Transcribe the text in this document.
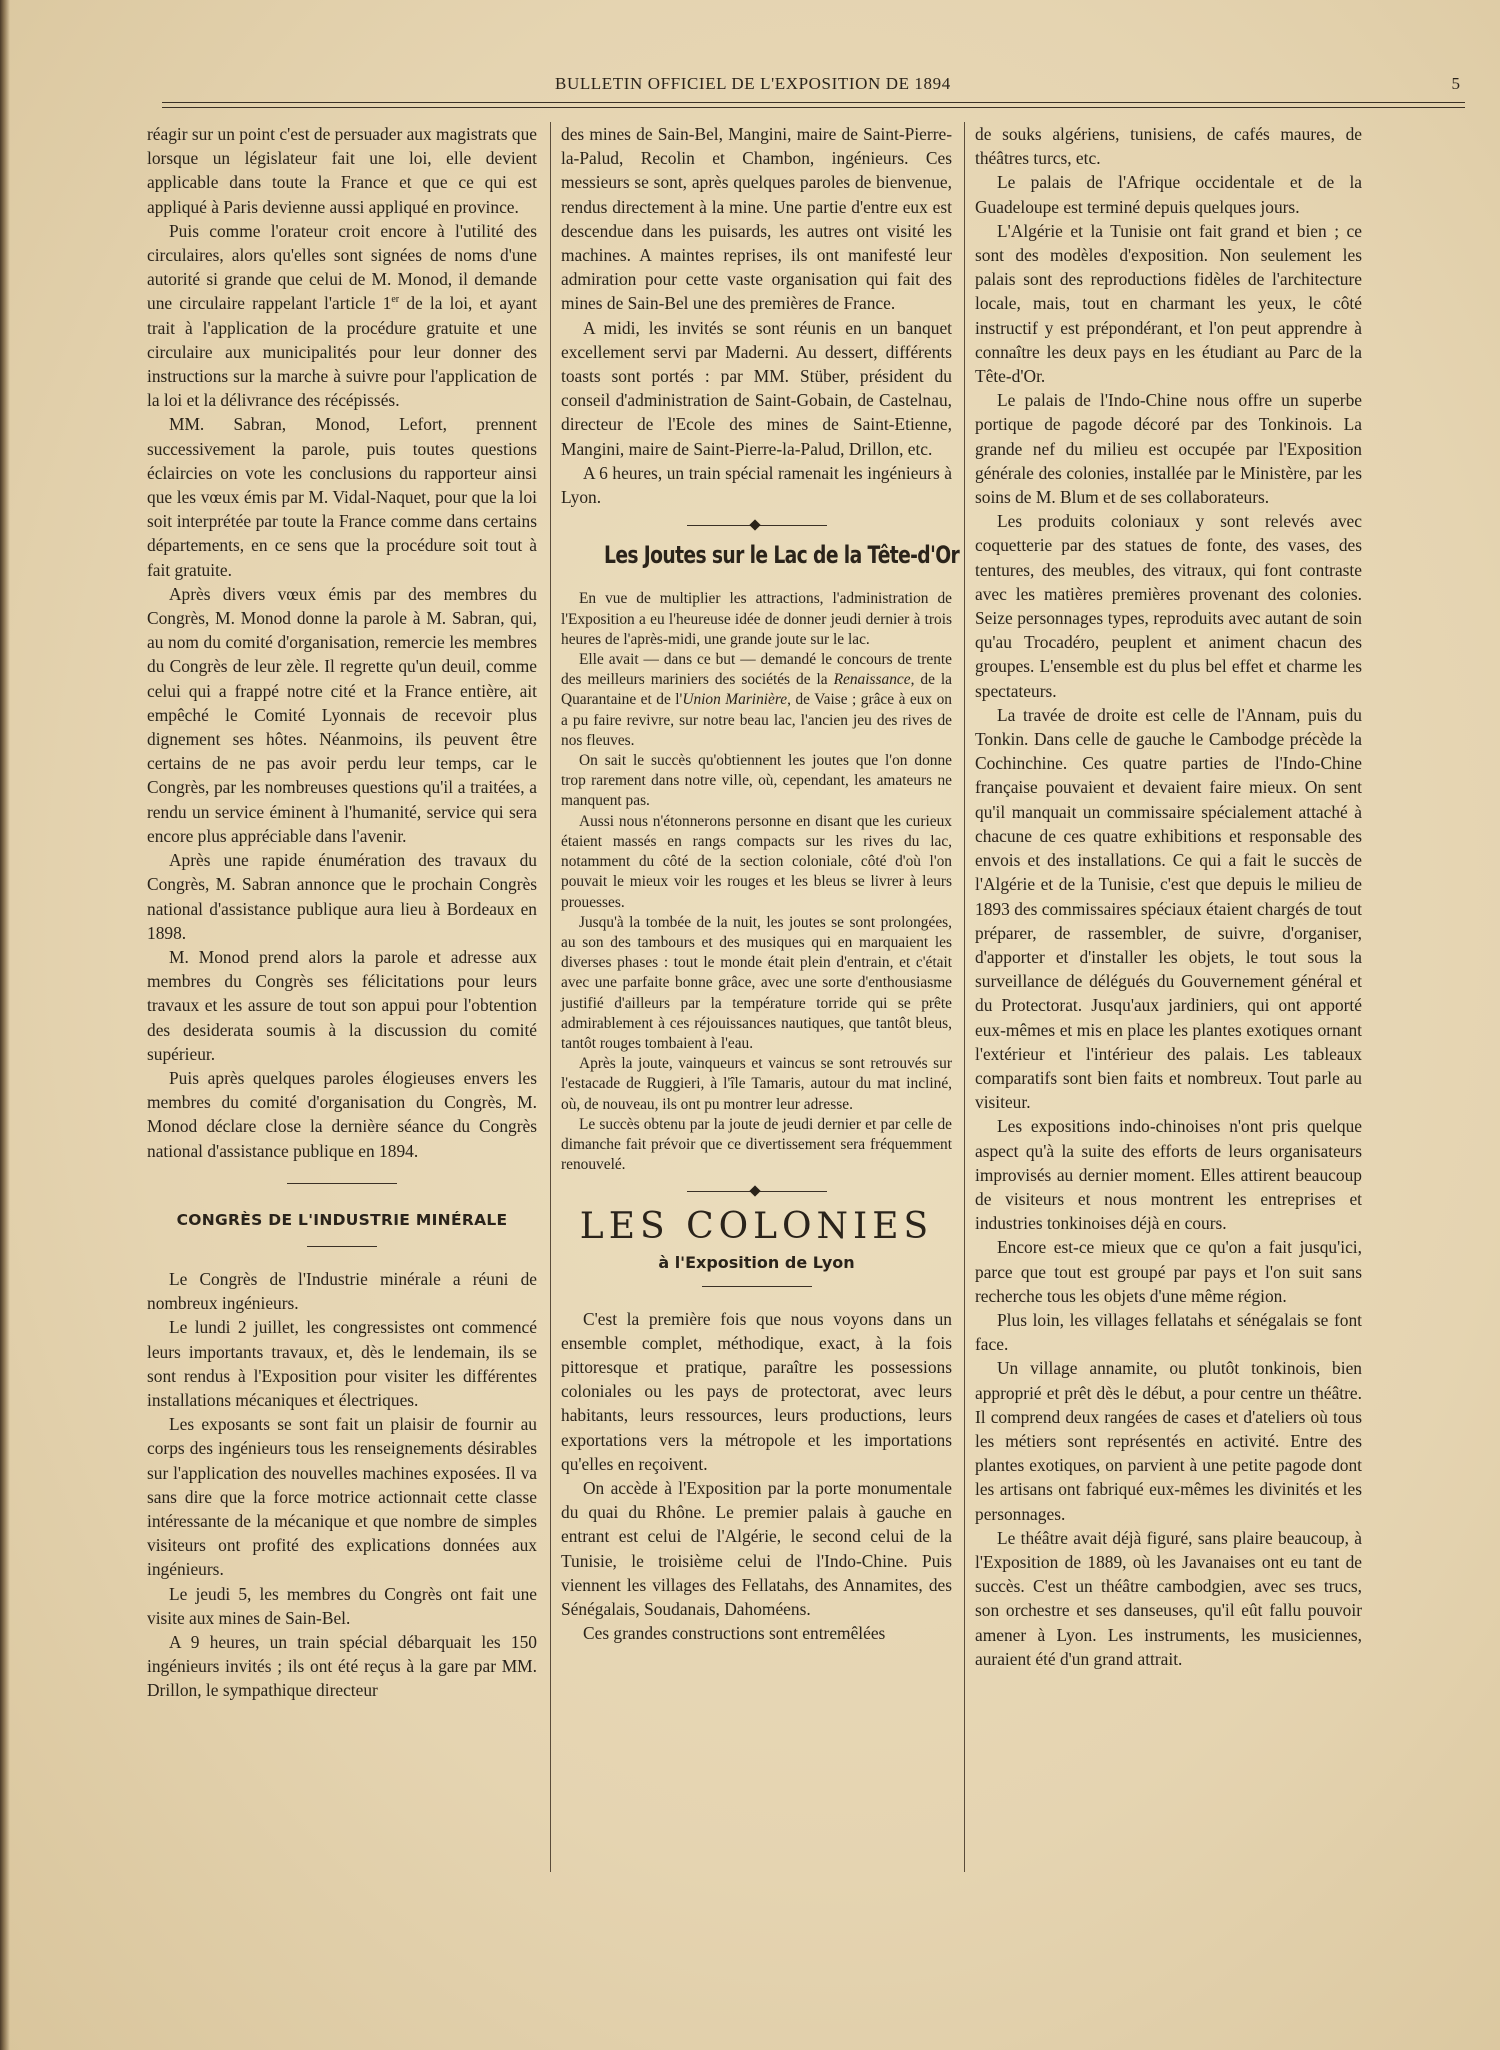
BULLETIN OFFICIEL DE L'EXPOSITION DE 1894	5

réagir sur un point c'est de persuader aux magistrats que lorsque un législateur fait une loi, elle devient applicable dans toute la France et que ce qui est appliqué à Paris devienne aussi appliqué en province.

Puis comme l'orateur croit encore à l'utilité des circulaires, alors qu'elles sont signées de noms d'une autorité si grande que celui de M. Monod, il demande une circulaire rappelant l'article 1er de la loi, et ayant trait à l'application de la procédure gratuite et une circulaire aux municipalités pour leur donner des instructions sur la marche à suivre pour l'application de la loi et la délivrance des récépissés.

MM. Sabran, Monod, Lefort, prennent successivement la parole, puis toutes questions éclaircies on vote les conclusions du rapporteur ainsi que les vœux émis par M. Vidal-Naquet, pour que la loi soit interprétée par toute la France comme dans certains départements, en ce sens que la procédure soit tout à fait gratuite.

Après divers vœux émis par des membres du Congrès, M. Monod donne la parole à M. Sabran, qui, au nom du comité d'organisation, remercie les membres du Congrès de leur zèle. Il regrette qu'un deuil, comme celui qui a frappé notre cité et la France entière, ait empêché le Comité Lyonnais de recevoir plus dignement ses hôtes. Néanmoins, ils peuvent être certains de ne pas avoir perdu leur temps, car le Congrès, par les nombreuses questions qu'il a traitées, a rendu un service éminent à l'humanité, service qui sera encore plus appréciable dans l'avenir.

Après une rapide énumération des travaux du Congrès, M. Sabran annonce que le prochain Congrès national d'assistance publique aura lieu à Bordeaux en 1898.

M. Monod prend alors la parole et adresse aux membres du Congrès ses félicitations pour leurs travaux et les assure de tout son appui pour l'obtention des desiderata soumis à la discussion du comité supérieur.

Puis après quelques paroles élogieuses envers les membres du comité d'organisation du Congrès, M. Monod déclare close la dernière séance du Congrès national d'assistance publique en 1894.

CONGRÈS DE L'INDUSTRIE MINÉRALE

Le Congrès de l'Industrie minérale a réuni de nombreux ingénieurs.

Le lundi 2 juillet, les congressistes ont commencé leurs importants travaux, et, dès le lendemain, ils se sont rendus à l'Exposition pour visiter les différentes installations mécaniques et électriques.

Les exposants se sont fait un plaisir de fournir au corps des ingénieurs tous les renseignements désirables sur l'application des nouvelles machines exposées. Il va sans dire que la force motrice actionnait cette classe intéressante de la mécanique et que nombre de simples visiteurs ont profité des explications données aux ingénieurs.

Le jeudi 5, les membres du Congrès ont fait une visite aux mines de Sain-Bel.

A 9 heures, un train spécial débarquait les 150 ingénieurs invités ; ils ont été reçus à la gare par MM. Drillon, le sympathique directeur

des mines de Sain-Bel, Mangini, maire de Saint-Pierre-la-Palud, Recolin et Chambon, ingénieurs. Ces messieurs se sont, après quelques paroles de bienvenue, rendus directement à la mine. Une partie d'entre eux est descendue dans les puisards, les autres ont visité les machines. A maintes reprises, ils ont manifesté leur admiration pour cette vaste organisation qui fait des mines de Sain-Bel une des premières de France.

A midi, les invités se sont réunis en un banquet excellement servi par Maderni. Au dessert, différents toasts sont portés : par MM. Stüber, président du conseil d'administration de Saint-Gobain, de Castelnau, directeur de l'Ecole des mines de Saint-Etienne, Mangini, maire de Saint-Pierre-la-Palud, Drillon, etc.

A 6 heures, un train spécial ramenait les ingénieurs à Lyon.

Les Joutes sur le Lac de la Tête-d'Or

En vue de multiplier les attractions, l'administration de l'Exposition a eu l'heureuse idée de donner jeudi dernier à trois heures de l'après-midi, une grande joute sur le lac.

Elle avait — dans ce but — demandé le concours de trente des meilleurs mariniers des sociétés de la Renaissance, de la Quarantaine et de l'Union Marinière, de Vaise ; grâce à eux on a pu faire revivre, sur notre beau lac, l'ancien jeu des rives de nos fleuves.

On sait le succès qu'obtiennent les joutes que l'on donne trop rarement dans notre ville, où, cependant, les amateurs ne manquent pas.

Aussi nous n'étonnerons personne en disant que les curieux étaient massés en rangs compacts sur les rives du lac, notamment du côté de la section coloniale, côté d'où l'on pouvait le mieux voir les rouges et les bleus se livrer à leurs prouesses.

Jusqu'à la tombée de la nuit, les joutes se sont prolongées, au son des tambours et des musiques qui en marquaient les diverses phases : tout le monde était plein d'entrain, et c'était avec une parfaite bonne grâce, avec une sorte d'enthousiasme justifié d'ailleurs par la température torride qui se prête admirablement à ces réjouissances nautiques, que tantôt bleus, tantôt rouges tombaient à l'eau.

Après la joute, vainqueurs et vaincus se sont retrouvés sur l'estacade de Ruggieri, à l'île Tamaris, autour du mat incliné, où, de nouveau, ils ont pu montrer leur adresse.

Le succès obtenu par la joute de jeudi dernier et par celle de dimanche fait prévoir que ce divertissement sera fréquemment renouvelé.

LES COLONIES
à l'Exposition de Lyon

C'est la première fois que nous voyons dans un ensemble complet, méthodique, exact, à la fois pittoresque et pratique, paraître les possessions coloniales ou les pays de protectorat, avec leurs habitants, leurs ressources, leurs productions, leurs exportations vers la métropole et les importations qu'elles en reçoivent.

On accède à l'Exposition par la porte monumentale du quai du Rhône. Le premier palais à gauche en entrant est celui de l'Algérie, le second celui de la Tunisie, le troisième celui de l'Indo-Chine. Puis viennent les villages des Fellatahs, des Annamites, des Sénégalais, Soudanais, Dahoméens.

Ces grandes constructions sont entremêlées

de souks algériens, tunisiens, de cafés maures, de théâtres turcs, etc.

Le palais de l'Afrique occidentale et de la Guadeloupe est terminé depuis quelques jours.

L'Algérie et la Tunisie ont fait grand et bien ; ce sont des modèles d'exposition. Non seulement les palais sont des reproductions fidèles de l'architecture locale, mais, tout en charmant les yeux, le côté instructif y est prépondérant, et l'on peut apprendre à connaître les deux pays en les étudiant au Parc de la Tête-d'Or.

Le palais de l'Indo-Chine nous offre un superbe portique de pagode décoré par des Tonkinois. La grande nef du milieu est occupée par l'Exposition générale des colonies, installée par le Ministère, par les soins de M. Blum et de ses collaborateurs.

Les produits coloniaux y sont relevés avec coquetterie par des statues de fonte, des vases, des tentures, des meubles, des vitraux, qui font contraste avec les matières premières provenant des colonies. Seize personnages types, reproduits avec autant de soin qu'au Trocadéro, peuplent et animent chacun des groupes. L'ensemble est du plus bel effet et charme les spectateurs.

La travée de droite est celle de l'Annam, puis du Tonkin. Dans celle de gauche le Cambodge précède la Cochinchine. Ces quatre parties de l'Indo-Chine française pouvaient et devaient faire mieux. On sent qu'il manquait un commissaire spécialement attaché à chacune de ces quatre exhibitions et responsable des envois et des installations. Ce qui a fait le succès de l'Algérie et de la Tunisie, c'est que depuis le milieu de 1893 des commissaires spéciaux étaient chargés de tout préparer, de rassembler, de suivre, d'organiser, d'apporter et d'installer les objets, le tout sous la surveillance de délégués du Gouvernement général et du Protectorat. Jusqu'aux jardiniers, qui ont apporté eux-mêmes et mis en place les plantes exotiques ornant l'extérieur et l'intérieur des palais. Les tableaux comparatifs sont bien faits et nombreux. Tout parle au visiteur.

Les expositions indo-chinoises n'ont pris quelque aspect qu'à la suite des efforts de leurs organisateurs improvisés au dernier moment. Elles attirent beaucoup de visiteurs et nous montrent les entreprises et industries tonkinoises déjà en cours.

Encore est-ce mieux que ce qu'on a fait jusqu'ici, parce que tout est groupé par pays et l'on suit sans recherche tous les objets d'une même région.

Plus loin, les villages fellatahs et sénégalais se font face.

Un village annamite, ou plutôt tonkinois, bien approprié et prêt dès le début, a pour centre un théâtre. Il comprend deux rangées de cases et d'ateliers où tous les métiers sont représentés en activité. Entre des plantes exotiques, on parvient à une petite pagode dont les artisans ont fabriqué eux-mêmes les divinités et les personnages.

Le théâtre avait déjà figuré, sans plaire beaucoup, à l'Exposition de 1889, où les Javanaises ont eu tant de succès. C'est un théâtre cambodgien, avec ses trucs, son orchestre et ses danseuses, qu'il eût fallu pouvoir amener à Lyon. Les instruments, les musiciennes, auraient été d'un grand attrait.
